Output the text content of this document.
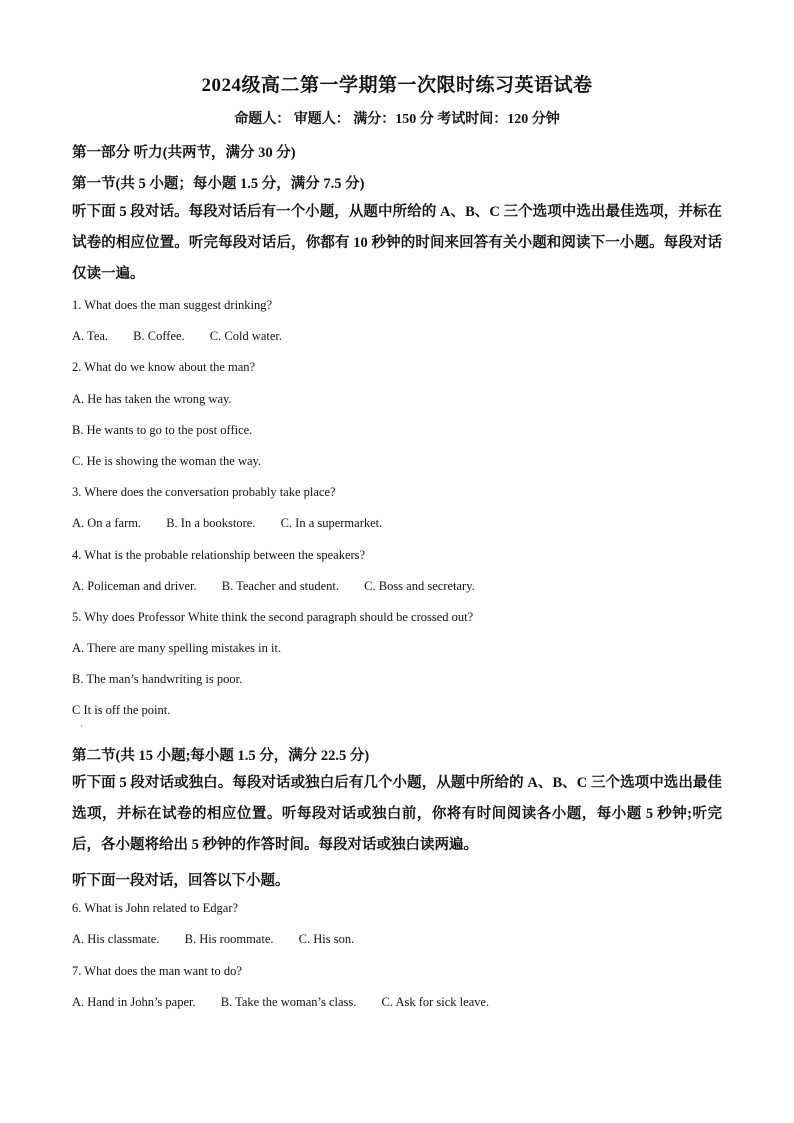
2024级高二第一学期第一次限时练习英语试卷
命题人： 审题人： 满分：150 分 考试时间：120 分钟
第一部分 听力(共两节，满分 30 分)
第一节(共 5 小题；每小题 1.5 分，满分 7.5 分)
听下面 5 段对话。每段对话后有一个小题，从题中所给的 A、B、C 三个选项中选出最佳选项，并标在试卷的相应位置。听完每段对话后，你都有 10 秒钟的时间来回答有关小题和阅读下一小题。每段对话仅读一遍。
1. What does the man suggest drinking?
A. Tea. B. Coffee. C. Cold water.
2. What do we know about the man?
A. He has taken the wrong way.
B. He wants to go to the post office.
C. He is showing the woman the way.
3. Where does the conversation probably take place?
A. On a farm. B. In a bookstore. C. In a supermarket.
4. What is the probable relationship between the speakers?
A. Policeman and driver. B. Teacher and student. C. Boss and secretary.
5. Why does Professor White think the second paragraph should be crossed out?
A. There are many spelling mistakes in it.
B. The man’s handwriting is poor.
C It is off the point.
·
第二节(共 15 小题;每小题 1.5 分，满分 22.5 分)
听下面 5 段对话或独白。每段对话或独白后有几个小题，从题中所给的 A、B、C 三个选项中选出最佳选项，并标在试卷的相应位置。听每段对话或独白前，你将有时间阅读各小题，每小题 5 秒钟;听完后，各小题将给出 5 秒钟的作答时间。每段对话或独白读两遍。
听下面一段对话，回答以下小题。
6. What is John related to Edgar?
A. His classmate. B. His roommate. C. His son.
7. What does the man want to do?
A. Hand in John’s paper. B. Take the woman’s class. C. Ask for sick leave.
